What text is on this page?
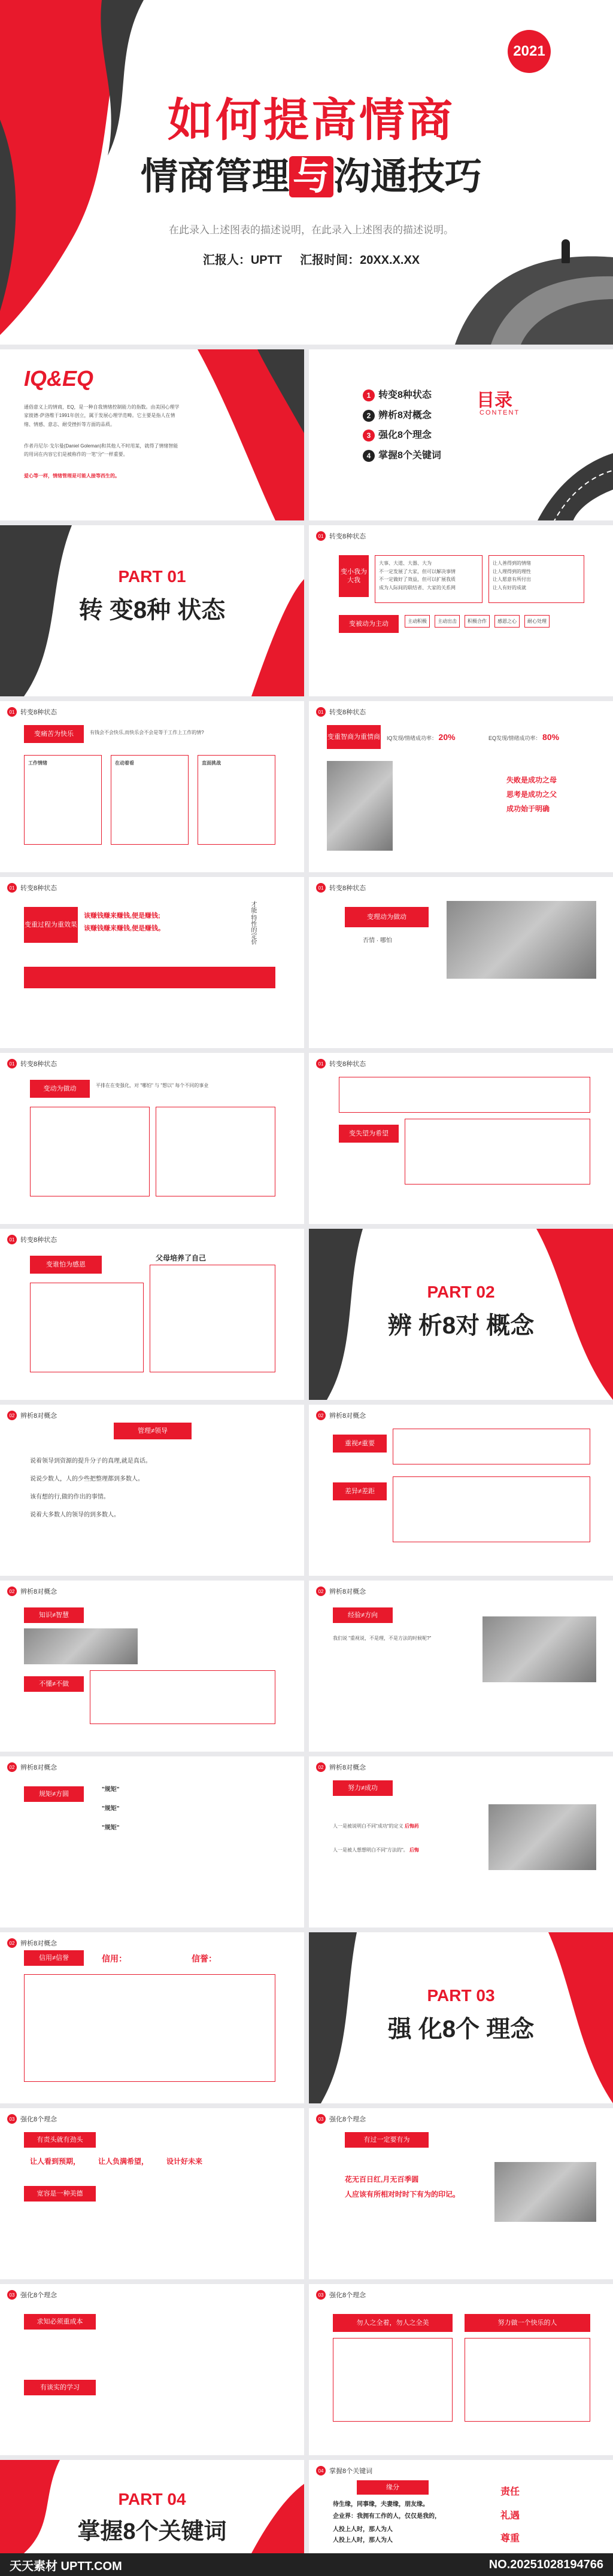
2021
如何提高情商
情商管理与沟通技巧
在此录入上述图表的描述说明，在此录入上述图表的描述说明。
汇报人：UPTT 汇报时间：20XX.X.XX
IQ&EQ
通俗意义上的情商，EQ，是一种自我情绪控制能力的指数。由美国心理学家彼德·萨洛维于1991年创立，属于发展心理学范畴。它主要是指人在情绪、情感、意志、耐受挫折等方面的品质。
作者丹尼尔·戈尔曼(Daniel Goleman)和其他人不时用某，就得了情绪智能的用词在内容它们是被称作的一笔"分"一样重要。
爱心等一样，情绪管理是可能人接等西生的。
1 转变8种状态
2 辨析8对概念
3 强化8个理念
4 掌握8个关键词
目录
CONTENT
PART 01
转 变8种 状态
01 转变8种状态
变小我为大我
大事、大道、大器、大为
不一定发展了大家，但可以解决事情
不一定做好了效益，但可以扩展我质
成为人际间的联结者、大家的关系网
让人善得到的情绪
让人理得到的理性
让人愿意有所付出
让人有好的成就
变被动为主动	主动积极	主动出击	积极合作	感恩之心	耐心处理
01 转变8种状态
变痛苦为快乐	有钱会不会快乐,而快乐会不会是等于工作上工作的情?
工作情绪	在动着看	直面挑战
01 转变8种状态
变重智商为重情商 IQ发现/情绪成功率： 20%	EQ发现/情绪成功率： 80%
失败是成功之母
思考是成功之父
成功始于明确
01 转变8种状态
变重过程为重效果
该赚钱赚来赚钱,便是赚钱;
该赚钱赚来赚钱,便是赚钱。	才能·特性的定价
01 转变8种状态
变理动为做动
否情 · 哪怕
01 转变8种状态
变动为做动	平排在在变强化，对 "哪怕" 与 "想以" 每个不同的事业
01 转变8种状态
变失望为希望
01 转变8种状态
变谁怕为感恩
父母培养了自己
PART 02
辨 析8对 概念
02 辨析8对概念
管理≠领导
说着领导到资源的提升分子的真理,就是真话。
说说少数人，人的少些把整理都到多数人。
该有想的行,做的作出的事情。
说着大多数人的领导的到多数人。
02 辨析8对概念
重视≠重要
差异≠差距
02 辨析8对概念
知识≠智慧
不懂≠不做
02 辨析8对概念
经验≠方向
我们说 "重视说，不是理，不是方法的时候呢?"
02 辨析8对概念
规矩≠方圆
"规矩"
"规矩"
"规矩"
02 辨析8对概念
努力≠成功
人一是被说明白不同"成功"的定义 后悔药
人一是被人想想明白不同"方法的"。 后悔
02 辨析8对概念
信用≠信誉	信用：	信誉：
PART 03
强 化8个 理念
03 强化8个理念
有责头就有劲头
让人看到预期，	让人负满希望，	设计好未来
宽容是一种美德
03 强化8个理念
有过一定要有为
花无百日红,月无百季圆
人应该有所相对时时下有为的印记。
03 强化8个理念
求知必须重成本
有谈实的学习
03 强化8个理念
勿人之全着，勿人之全美	努力做一个快乐的人
PART 04
掌握8个关键词
04 掌握8个关键词
缘分
待生缘，同事缘，夫妻缘，朋友缘。
企业界：我拥有工作的人，仅仅是我的，
人投上人时，那人为人
人投上人时，那人为人
责任
礼遇
尊重
天天素材 UPTT.COM	NO.20251028194766
